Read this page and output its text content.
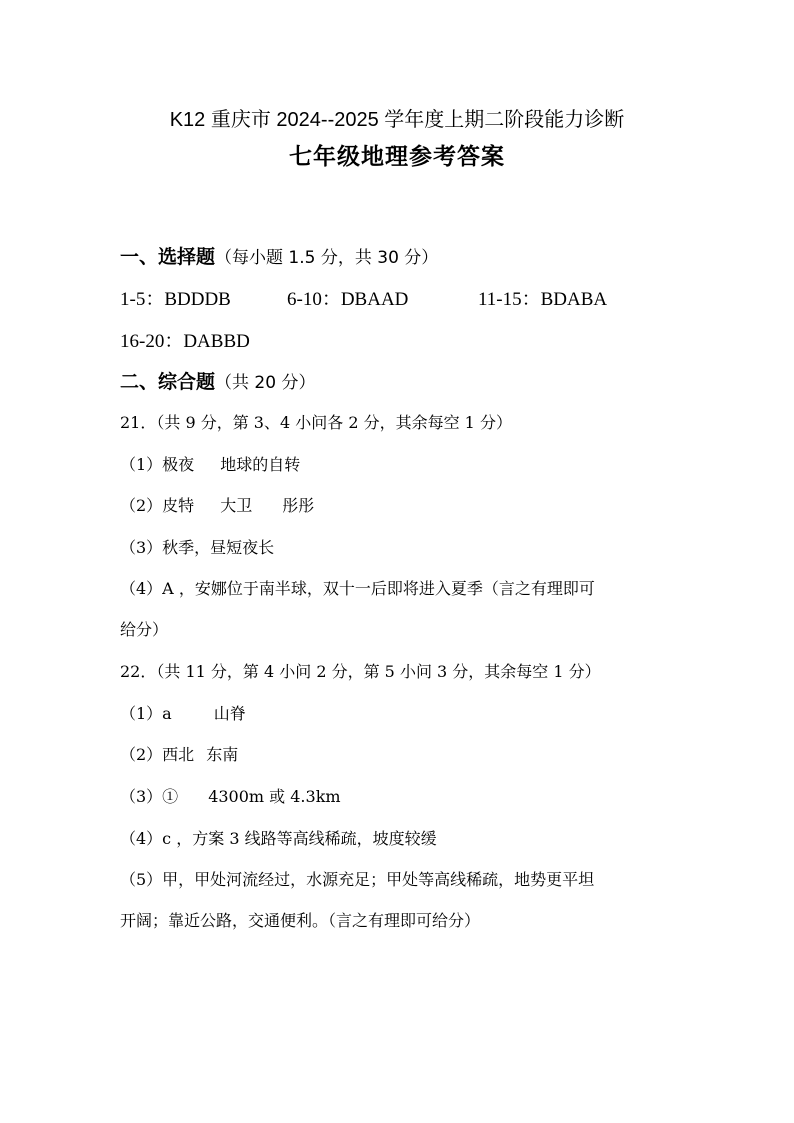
K12 重庆市 2024--2025 学年度上期二阶段能力诊断
七年级地理参考答案
一、选择题（每小题 1.5 分，共 30 分）
1-5：BDDDB	6-10：DBAAD	11-15：BDABA
16-20：DABBD
二、综合题（共 20 分）
21．（共 9 分，第 3、4 小问各 2 分，其余每空 1 分）
（1）极夜 地球的自转
（2）皮特 大卫 彤彤
（3）秋季，昼短夜长
（4）A ，安娜位于南半球，双十一后即将进入夏季（言之有理即可
给分）
22．（共 11 分，第 4 小问 2 分，第 5 小问 3 分，其余每空 1 分）
（1）a	山脊
（2）西北 东南
（3）① 4300m 或 4.3km
（4）c ，方案 3 线路等高线稀疏，坡度较缓
（5）甲，甲处河流经过，水源充足；甲处等高线稀疏，地势更平坦
开阔；靠近公路，交通便利。（言之有理即可给分）
